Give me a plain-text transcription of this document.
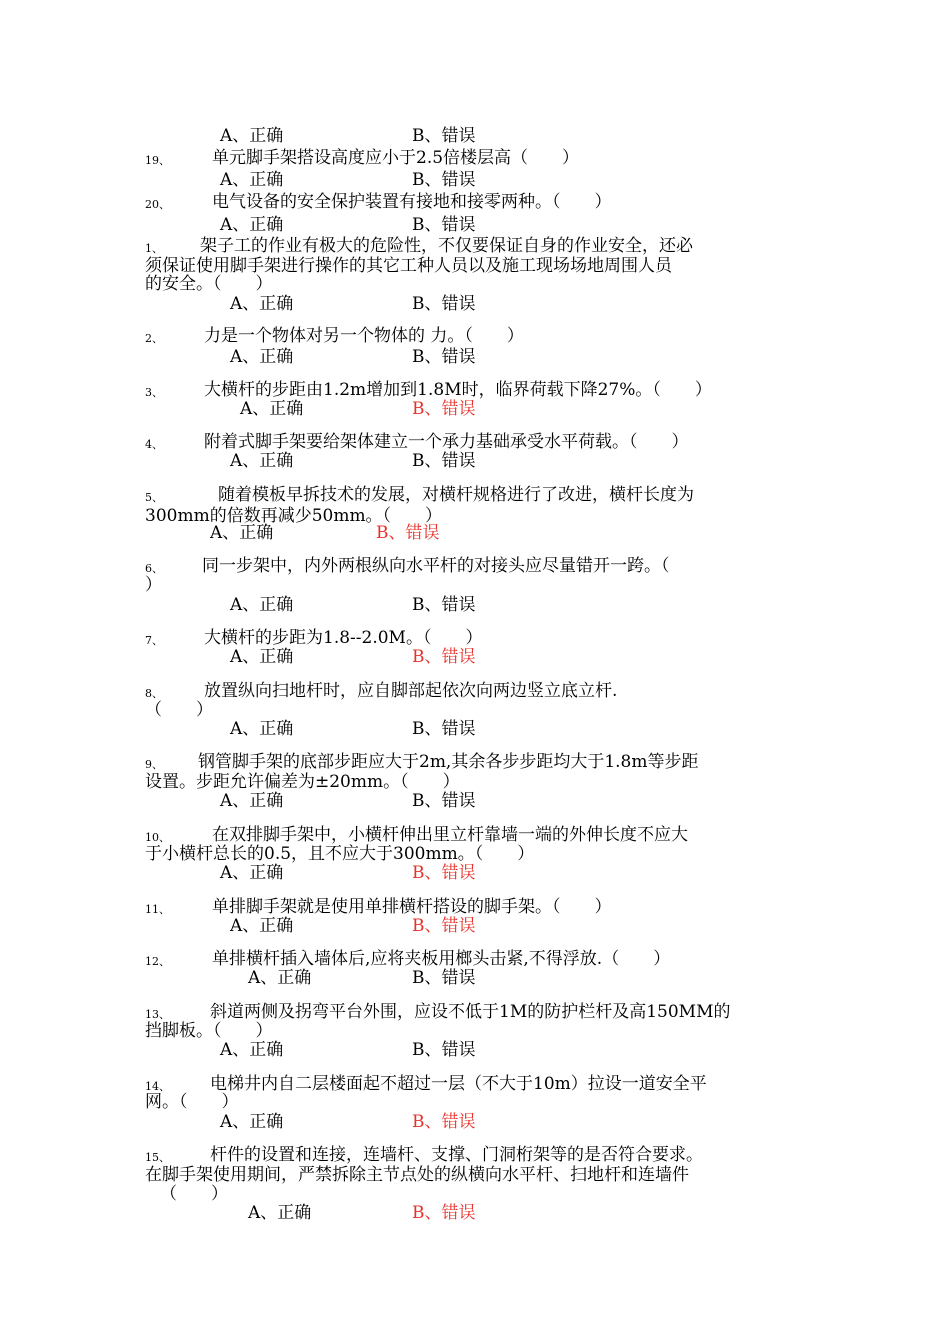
A、正确	B、错误
19、 单元脚手架搭设高度应小于2.5倍楼层高（　　）
A、正确	B、错误
20、 电气设备的安全保护装置有接地和接零两种。（　　）
A、正确	B、错误
1、 架子工的作业有极大的危险性，不仅要保证自身的作业安全，还必
须保证使用脚手架进行操作的其它工种人员以及施工现场场地周围人员
的安全。（　　）
A、正确	B、错误
2、 力是一个物体对另一个物体的 力。（　　）
A、正确	B、错误
3、 大横杆的步距由1.2m增加到1.8M时，临界荷载下降27%。（　　）
A、正确	B、错误
4、 附着式脚手架要给架体建立一个承力基础承受水平荷载。（　　）
A、正确	B、错误
5、	随着模板早拆技术的发展，对横杆规格进行了改进，横杆长度为
300mm的倍数再减少50mm。（　　）
A、正确	B、错误
6、 同一步架中，内外两根纵向水平杆的对接头应尽量错开一跨。（
）
A、正确	B、错误
7、 大横杆的步距为1.8--2.0M。（　　）
A、正确	B、错误
8、 放置纵向扫地杆时，应自脚部起依次向两边竖立底立杆.
（　　）
A、正确	B、错误
9、 钢管脚手架的底部步距应大于2m,其余各步步距均大于1.8m等步距
设置。步距允许偏差为±20mm。（　　）
A、正确	B、错误
10、 在双排脚手架中，小横杆伸出里立杆靠墙一端的外伸长度不应大
于小横杆总长的0.5，且不应大于300mm。（　　）
A、正确	B、错误
11、 单排脚手架就是使用单排横杆搭设的脚手架。（　　）
A、正确	B、错误
12、 单排横杆插入墙体后,应将夹板用榔头击紧,不得浮放.（　　）
A、正确	B、错误
13、 斜道两侧及拐弯平台外围，应设不低于1M的防护栏杆及高150MM的
挡脚板。（　　）
A、正确	B、错误
14、 电梯井内自二层楼面起不超过一层（不大于10m）拉设一道安全平
网。（　　）
A、正确	B、错误
15、 杆件的设置和连接，连墙杆、支撑、门洞桁架等的是否符合要求。
在脚手架使用期间，严禁拆除主节点处的纵横向水平杆、扫地杆和连墙件
（　　）
A、正确	B、错误
